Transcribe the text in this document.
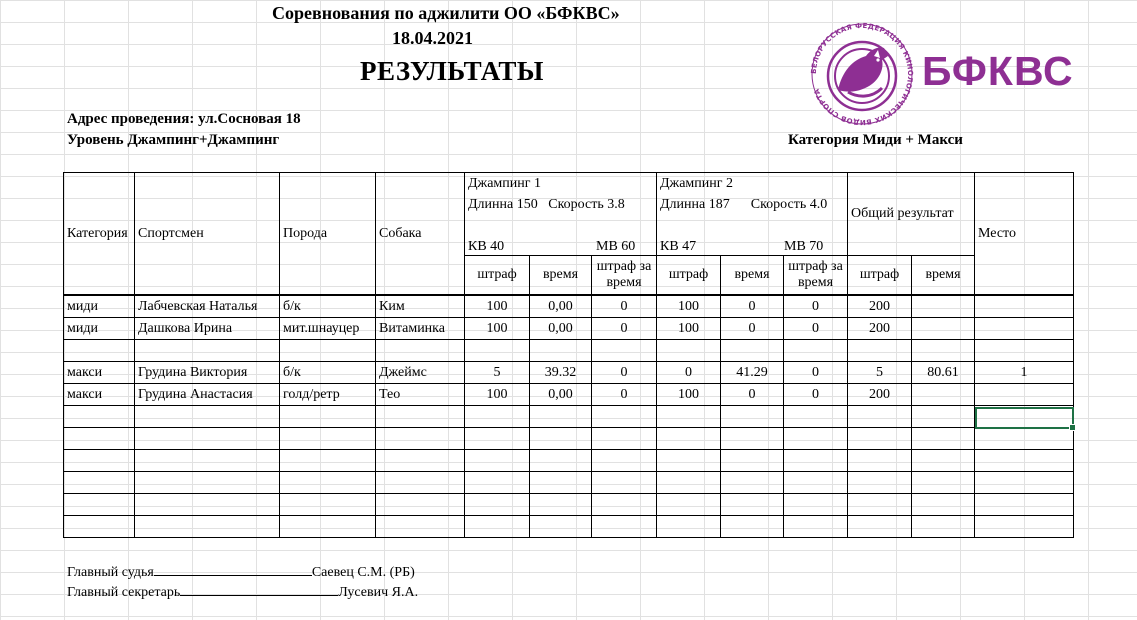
Соревнования по аджилити ОО «БФКВС»
18.04.2021
РЕЗУЛЬТАТЫ
Адрес проведения: ул.Сосновая 18
Уровень Джампинг+Джампинг	Категория Миди + Макси
БЕЛОРУССКАЯ ФЕДЕРАЦИЯ КИНОЛОГИЧЕСКИХ ВИДОВ СПОРТА	БФКВС
Категория	Спортсмен	Порода	Собака	Джампинг 1			Джампинг 2			Общий результат		Место
				Длинна 150 Скорость 3.8			Длинна 187 Скорость 4.0					
				КВ 40 МВ 60			КВ 47 МВ 70					
				штраф	время	штраф за время	штраф	время	штраф за время	штраф	время	
миди	Лабчевская Наталья	б/к	Ким	100	0,00	0	100	0	0	200		
миди	Дашкова Ирина	мит.шнауцер	Витаминка	100	0,00	0	100	0	0	200		

макси	Грудина Виктория	б/к	Джеймс	5	39.32	0	0	41.29	0	5	80.61	1
макси	Грудина Анастасия	голд/ретр	Тео	100	0,00	0	100	0	0	200		

Главный судья	Саевец С.М. (РБ)
Главный секретарь	Лусевич Я.А.
